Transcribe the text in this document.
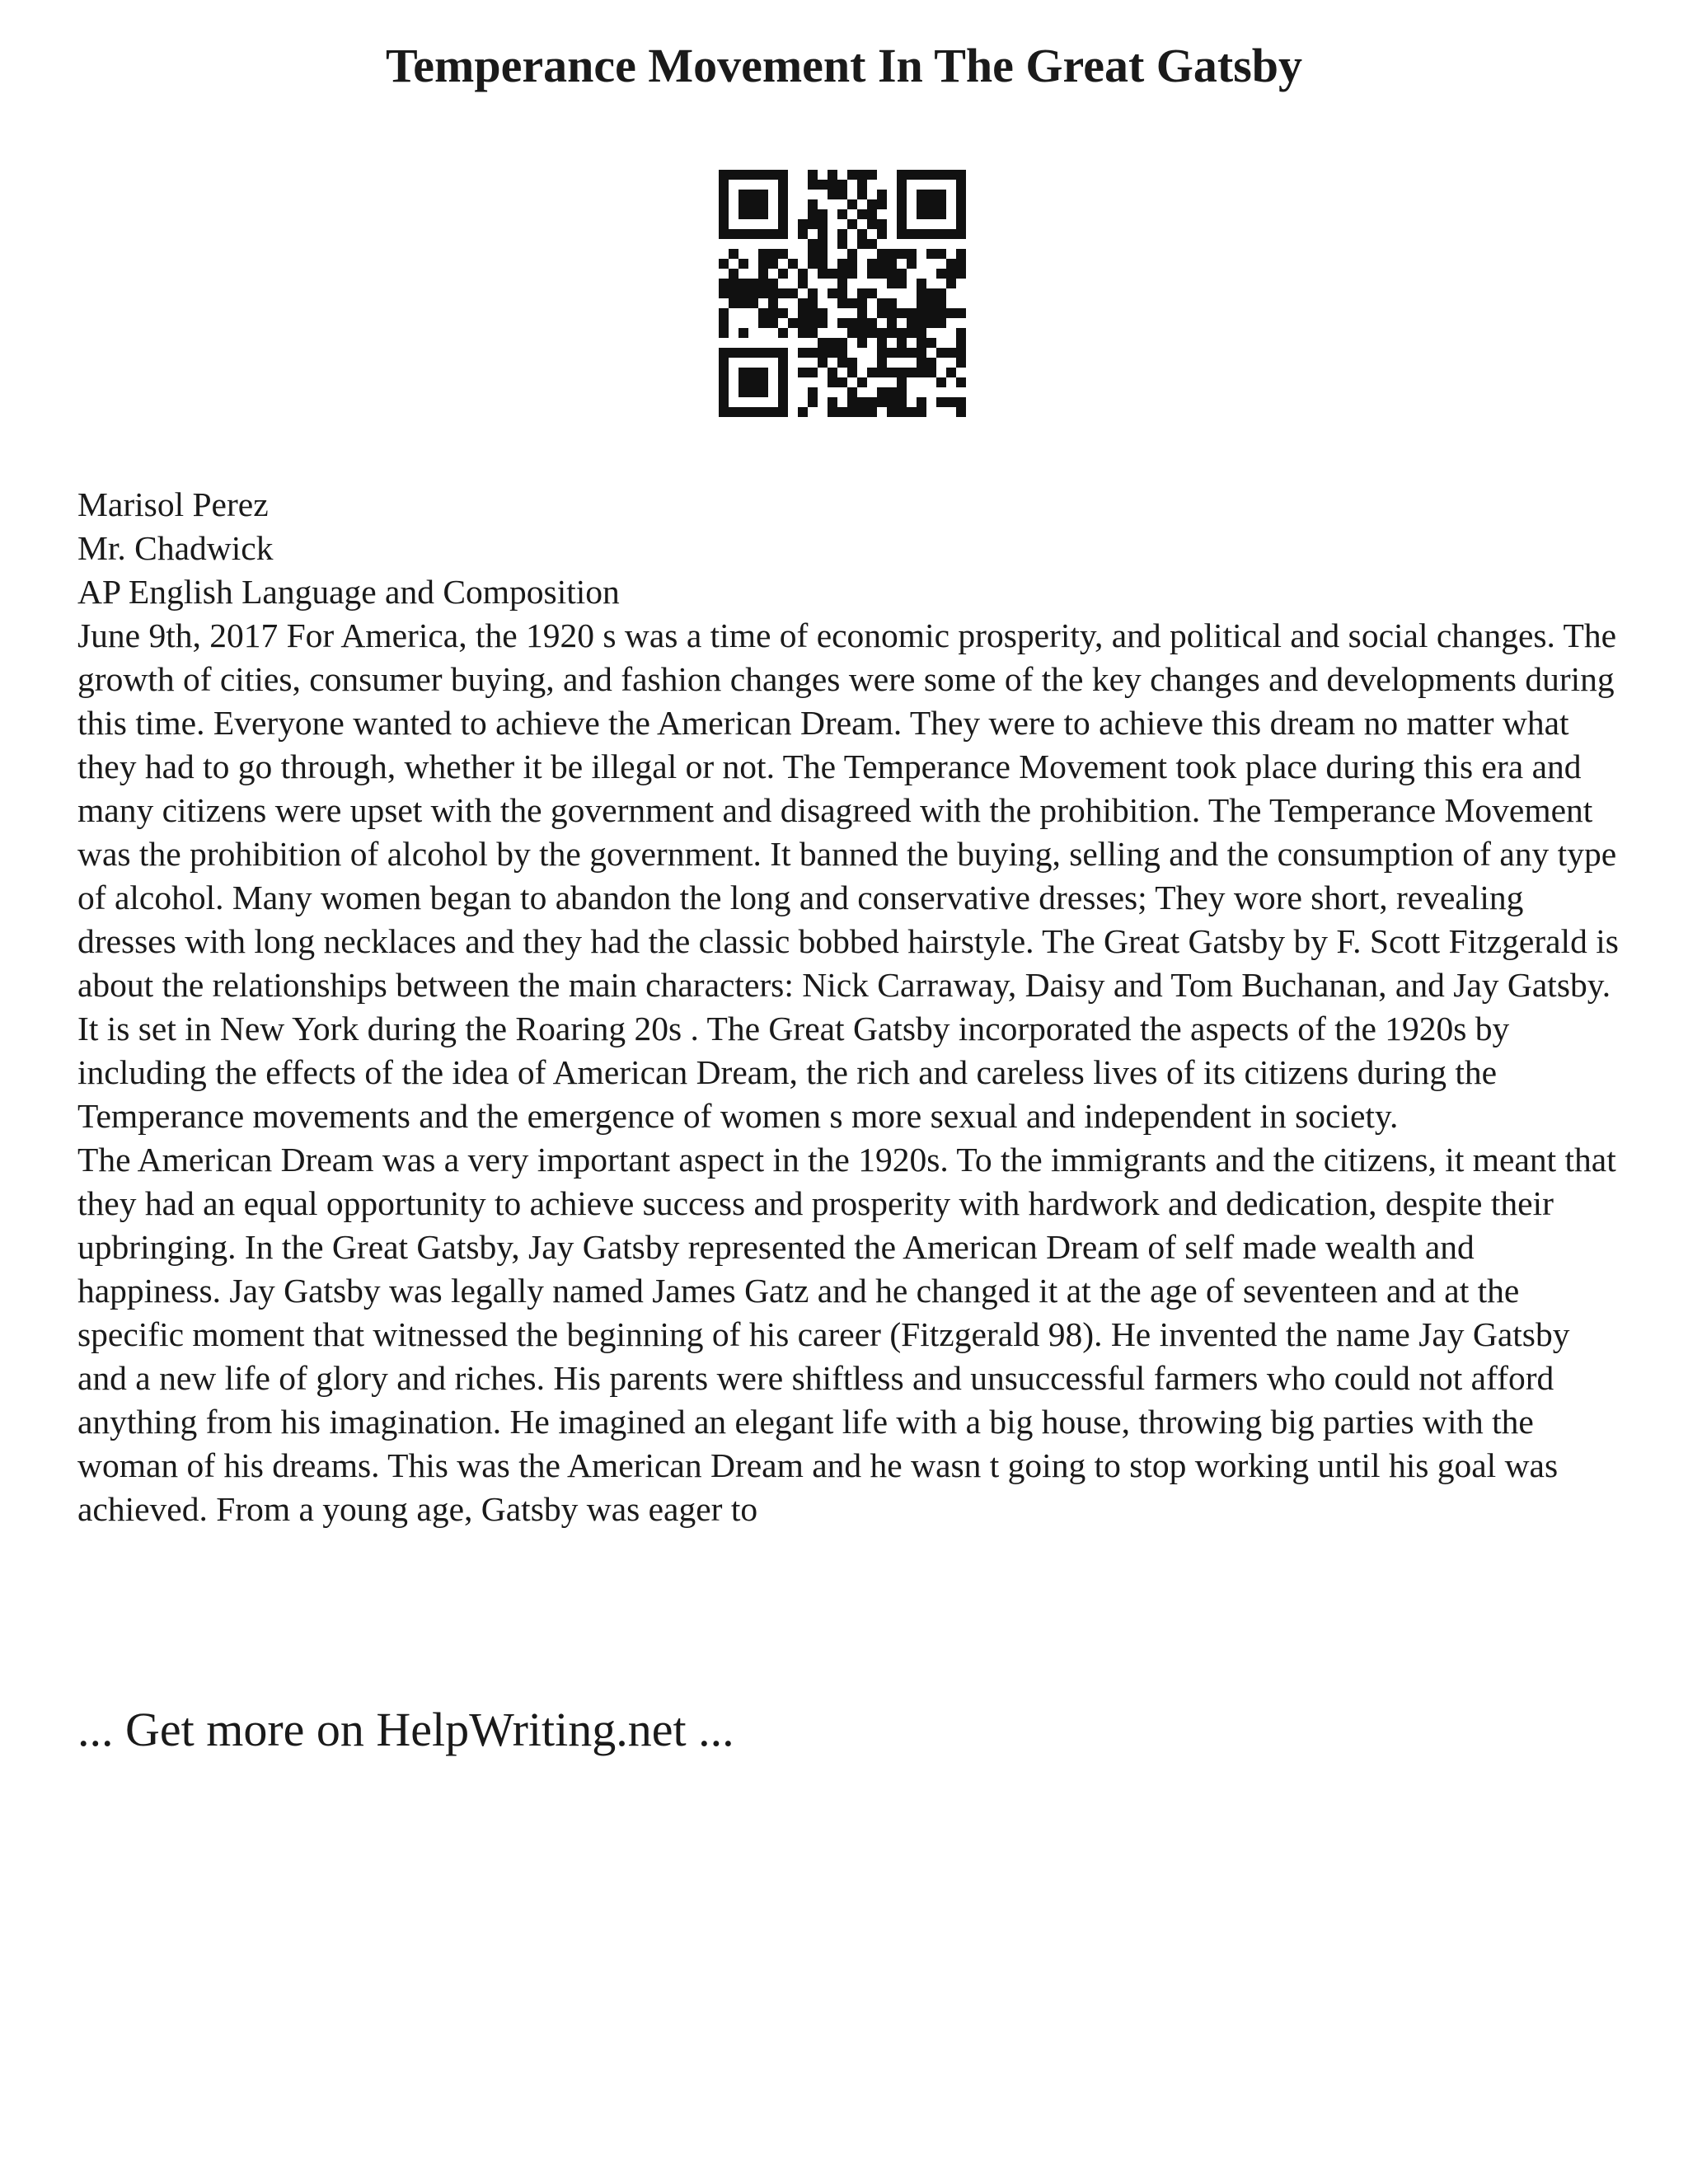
Temperance Movement In The Great Gatsby

Marisol Perez

Mr. Chadwick

AP English Language and Composition

June 9th, 2017 For America, the 1920 s was a time of economic prosperity, and political and social changes. The growth of cities, consumer buying, and fashion changes were some of the key changes and developments during this time. Everyone wanted to achieve the American Dream. They were to achieve this dream no matter what they had to go through, whether it be illegal or not. The Temperance Movement took place during this era and many citizens were upset with the government and disagreed with the prohibition. The Temperance Movement was the prohibition of alcohol by the government. It banned the buying, selling and the consumption of any type of alcohol. Many women began to abandon the long and conservative dresses; They wore short, revealing dresses with long necklaces and they had the classic bobbed hairstyle. The Great Gatsby by F. Scott Fitzgerald is about the relationships between the main characters: Nick Carraway, Daisy and Tom Buchanan, and Jay Gatsby. It is set in New York during the Roaring 20s . The Great Gatsby incorporated the aspects of the 1920s by including the effects of the idea of American Dream, the rich and careless lives of its citizens during the Temperance movements and the emergence of women s more sexual and independent in society.

The American Dream was a very important aspect in the 1920s. To the immigrants and the citizens, it meant that they had an equal opportunity to achieve success and prosperity with hardwork and dedication, despite their upbringing. In the Great Gatsby, Jay Gatsby represented the American Dream of self made wealth and happiness. Jay Gatsby was legally named James Gatz and he changed it at the age of seventeen and at the specific moment that witnessed the beginning of his career (Fitzgerald 98). He invented the name Jay Gatsby and a new life of glory and riches. His parents were shiftless and unsuccessful farmers who could not afford anything from his imagination. He imagined an elegant life with a big house, throwing big parties with the woman of his dreams. This was the American Dream and he wasn t going to stop working until his goal was achieved. From a young age, Gatsby was eager to

... Get more on HelpWriting.net ...
